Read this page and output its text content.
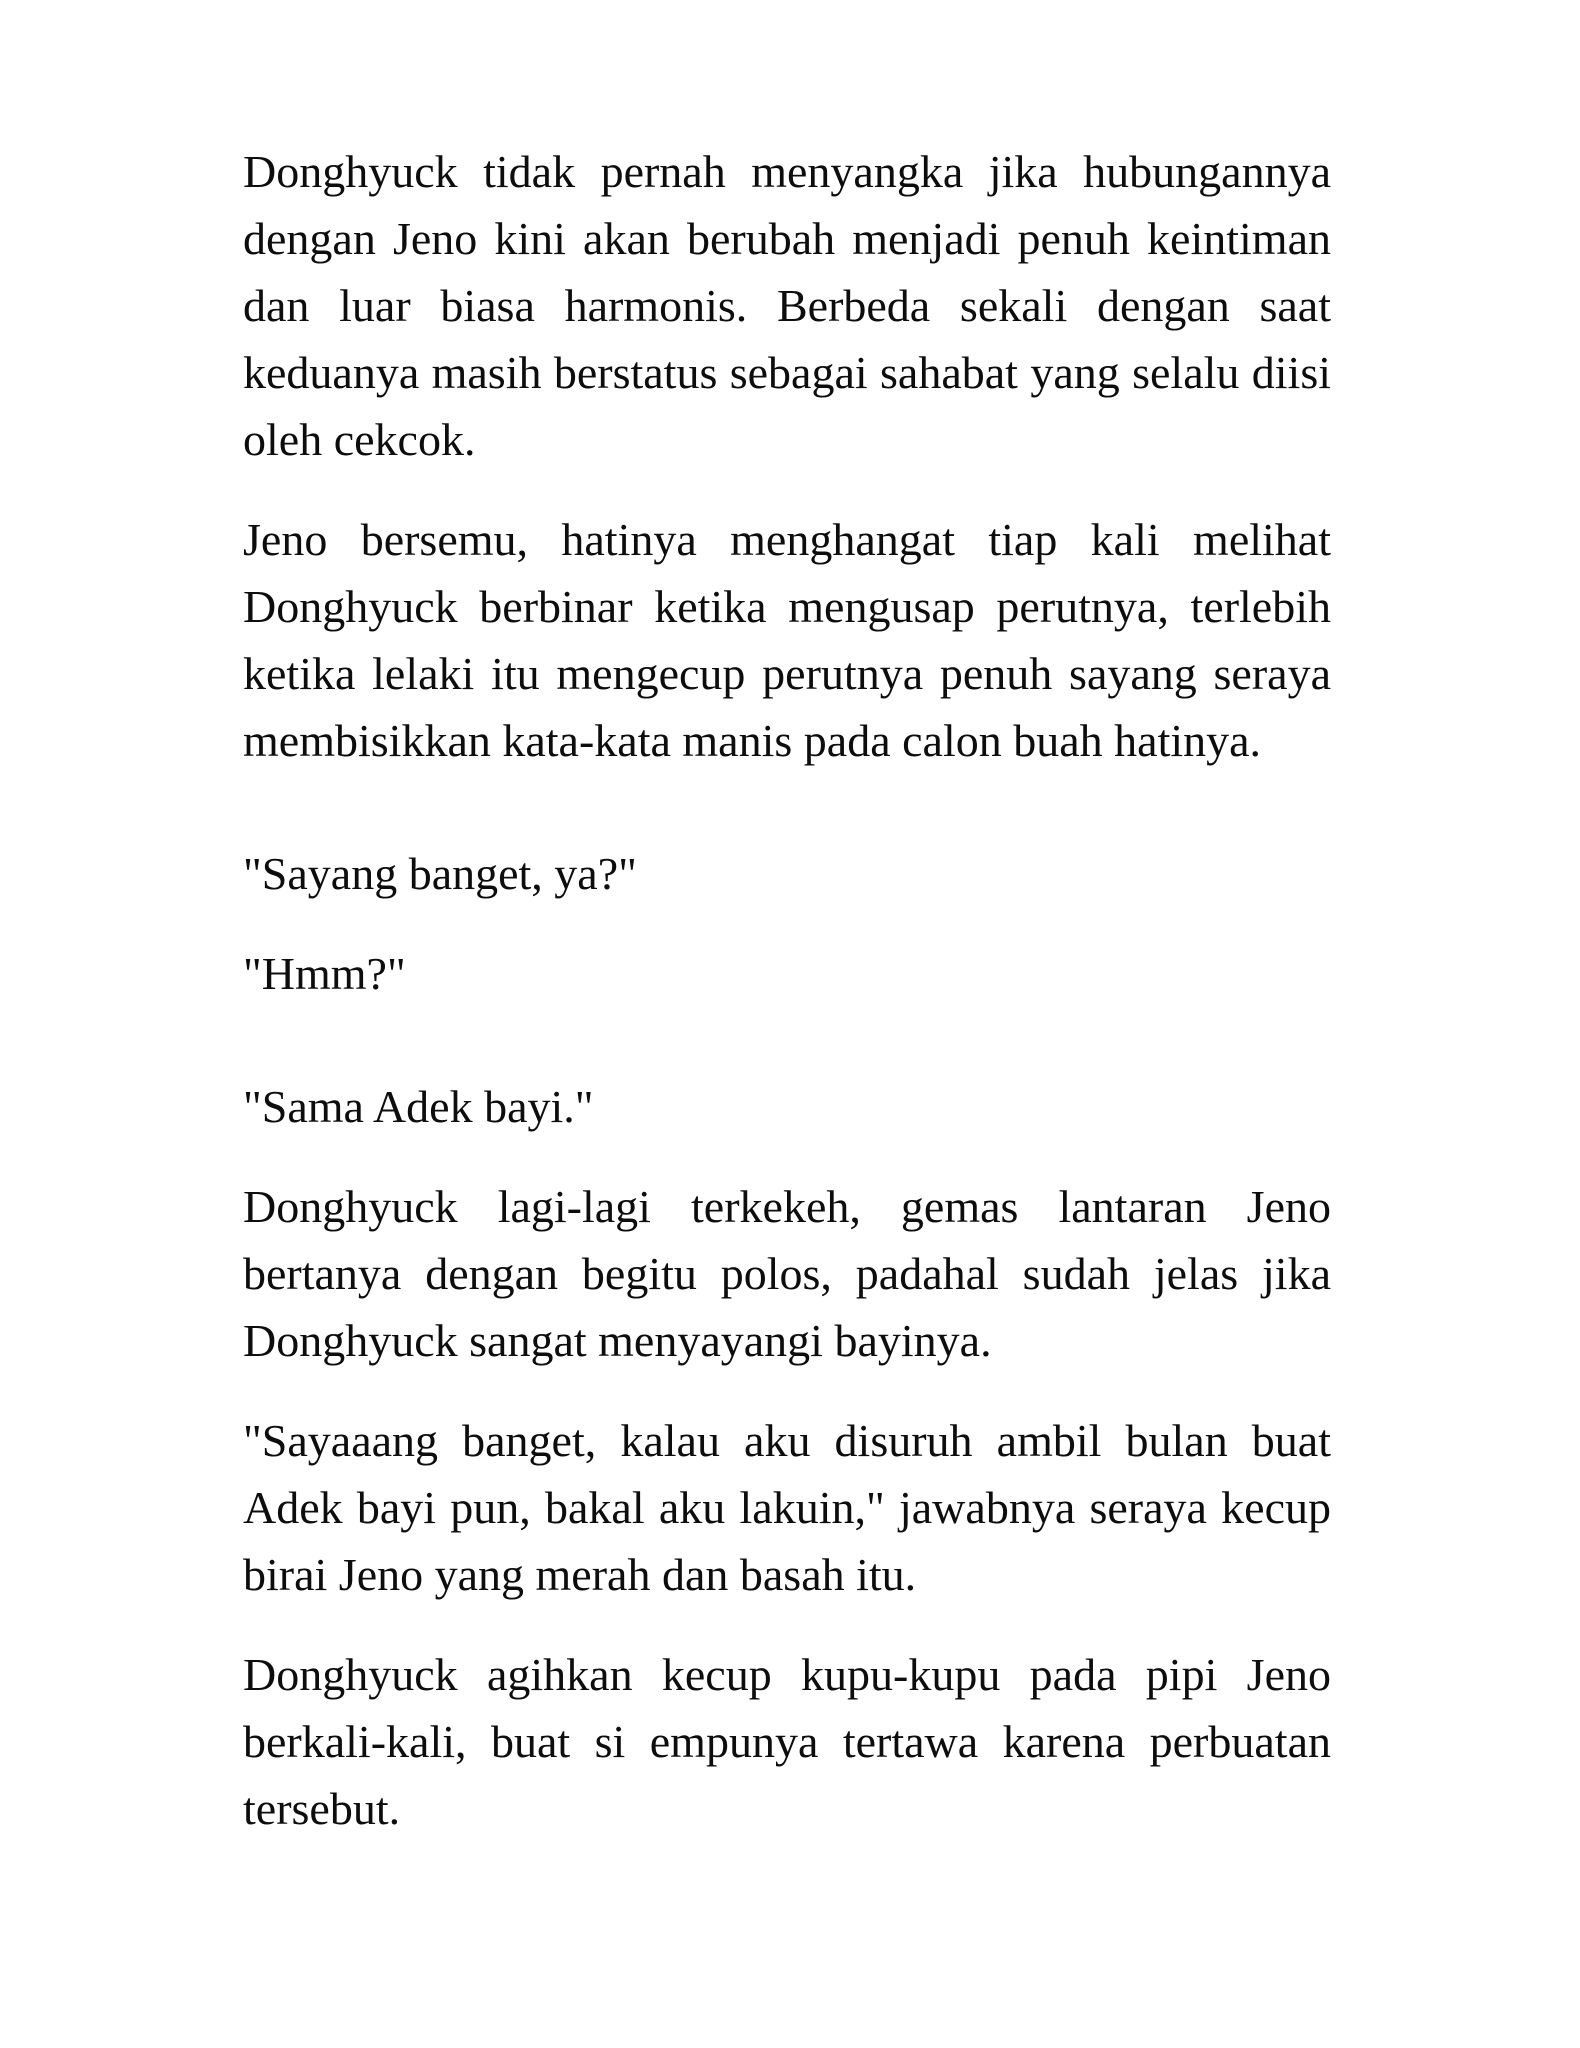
Donghyuck tidak pernah menyangka jika hubungannya dengan Jeno kini akan berubah menjadi penuh keintiman dan luar biasa harmonis. Berbeda sekali dengan saat keduanya masih berstatus sebagai sahabat yang selalu diisi oleh cekcok.

Jeno bersemu, hatinya menghangat tiap kali melihat Donghyuck berbinar ketika mengusap perutnya, terlebih ketika lelaki itu mengecup perutnya penuh sayang seraya membisikkan kata-kata manis pada calon buah hatinya.

"Sayang banget, ya?"

"Hmm?"

"Sama Adek bayi."

Donghyuck lagi-lagi terkekeh, gemas lantaran Jeno bertanya dengan begitu polos, padahal sudah jelas jika Donghyuck sangat menyayangi bayinya.

"Sayaaang banget, kalau aku disuruh ambil bulan buat Adek bayi pun, bakal aku lakuin," jawabnya seraya kecup birai Jeno yang merah dan basah itu.

Donghyuck agihkan kecup kupu-kupu pada pipi Jeno berkali-kali, buat si empunya tertawa karena perbuatan tersebut.
